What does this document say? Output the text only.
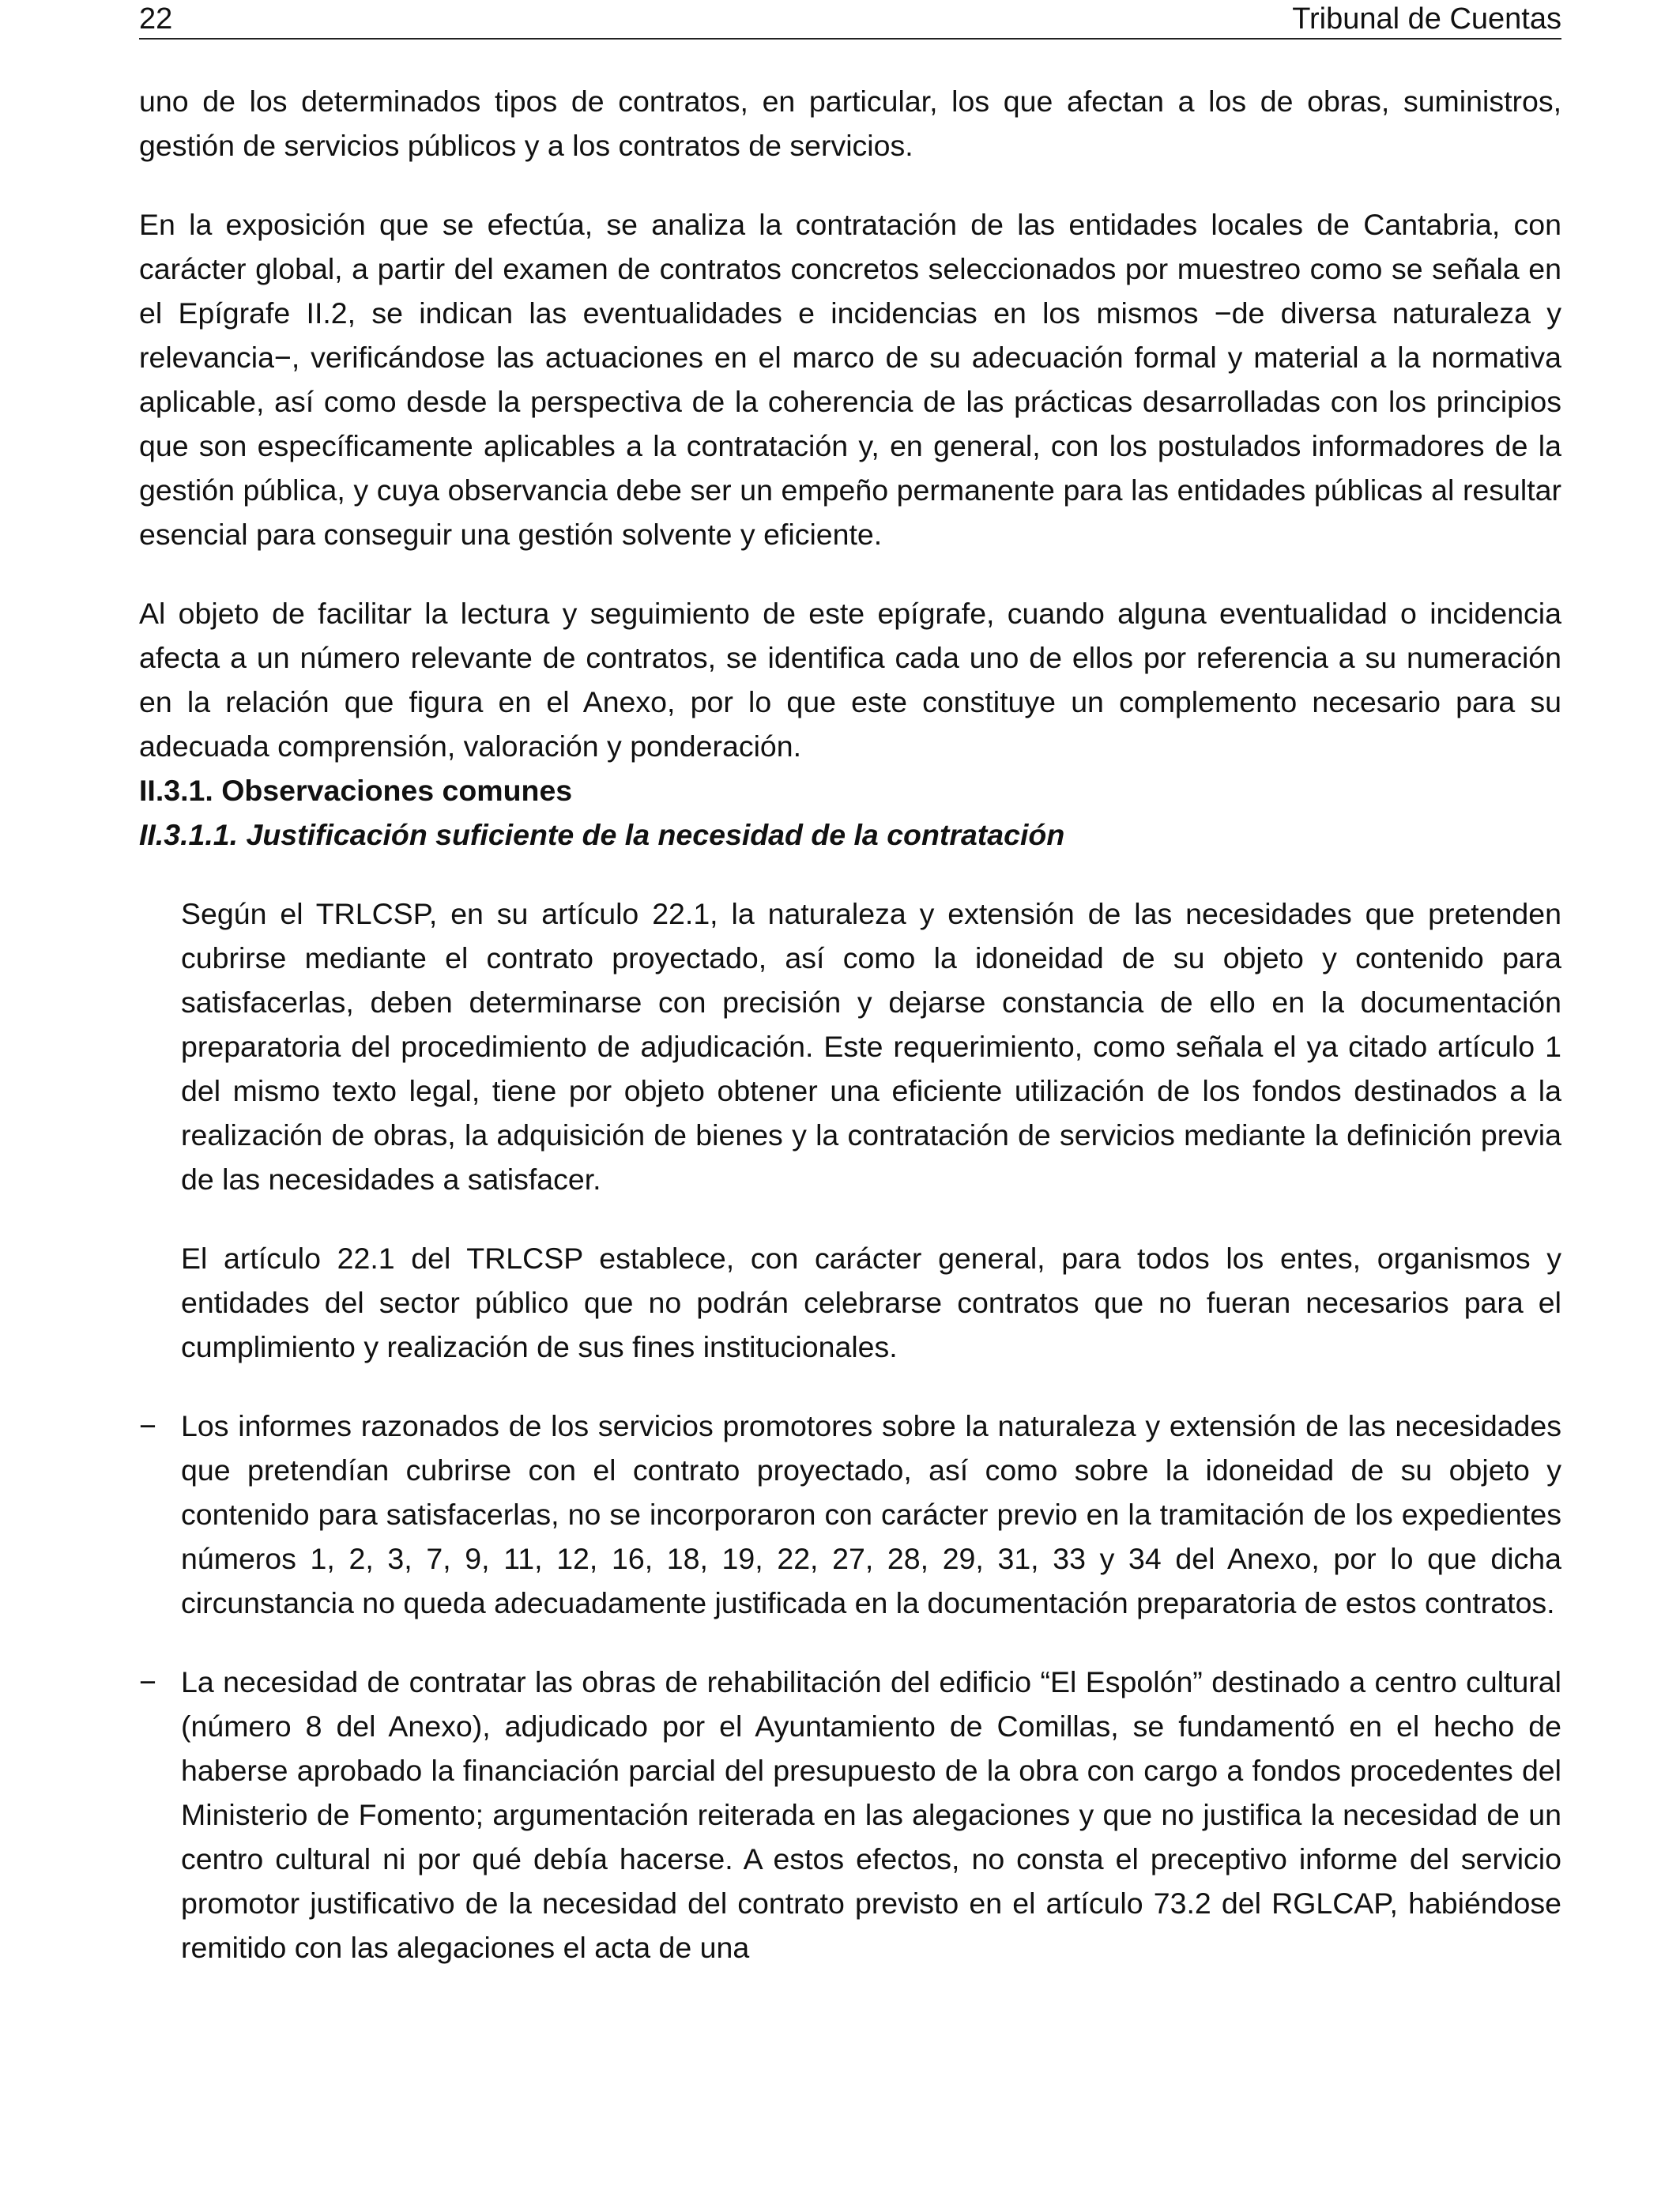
22	Tribunal de Cuentas

uno de los determinados tipos de contratos, en particular, los que afectan a los de obras, suministros, gestión de servicios públicos y a los contratos de servicios.

En la exposición que se efectúa, se analiza la contratación de las entidades locales de Cantabria, con carácter global, a partir del examen de contratos concretos seleccionados por muestreo como se señala en el Epígrafe II.2, se indican las eventualidades e incidencias en los mismos −de diversa naturaleza y relevancia−, verificándose las actuaciones en el marco de su adecuación formal y material a la normativa aplicable, así como desde la perspectiva de la coherencia de las prácticas desarrolladas con los principios que son específicamente aplicables a la contratación y, en general, con los postulados informadores de la gestión pública, y cuya observancia debe ser un empeño permanente para las entidades públicas al resultar esencial para conseguir una gestión solvente y eficiente.

Al objeto de facilitar la lectura y seguimiento de este epígrafe, cuando alguna eventualidad o incidencia afecta a un número relevante de contratos, se identifica cada uno de ellos por referencia a su numeración en la relación que figura en el Anexo, por lo que este constituye un complemento necesario para su adecuada comprensión, valoración y ponderación.

II.3.1. Observaciones comunes
II.3.1.1. Justificación suficiente de la necesidad de la contratación

Según el TRLCSP, en su artículo 22.1, la naturaleza y extensión de las necesidades que pretenden cubrirse mediante el contrato proyectado, así como la idoneidad de su objeto y contenido para satisfacerlas, deben determinarse con precisión y dejarse constancia de ello en la documentación preparatoria del procedimiento de adjudicación. Este requerimiento, como señala el ya citado artículo 1 del mismo texto legal, tiene por objeto obtener una eficiente utilización de los fondos destinados a la realización de obras, la adquisición de bienes y la contratación de servicios mediante la definición previa de las necesidades a satisfacer.

El artículo 22.1 del TRLCSP establece, con carácter general, para todos los entes, organismos y entidades del sector público que no podrán celebrarse contratos que no fueran necesarios para el cumplimiento y realización de sus fines institucionales.

− Los informes razonados de los servicios promotores sobre la naturaleza y extensión de las necesidades que pretendían cubrirse con el contrato proyectado, así como sobre la idoneidad de su objeto y contenido para satisfacerlas, no se incorporaron con carácter previo en la tramitación de los expedientes números 1, 2, 3, 7, 9, 11, 12, 16, 18, 19, 22, 27, 28, 29, 31, 33 y 34 del Anexo, por lo que dicha circunstancia no queda adecuadamente justificada en la documentación preparatoria de estos contratos.

− La necesidad de contratar las obras de rehabilitación del edificio “El Espolón” destinado a centro cultural (número 8 del Anexo), adjudicado por el Ayuntamiento de Comillas, se fundamentó en el hecho de haberse aprobado la financiación parcial del presupuesto de la obra con cargo a fondos procedentes del Ministerio de Fomento; argumentación reiterada en las alegaciones y que no justifica la necesidad de un centro cultural ni por qué debía hacerse. A estos efectos, no consta el preceptivo informe del servicio promotor justificativo de la necesidad del contrato previsto en el artículo 73.2 del RGLCAP, habiéndose remitido con las alegaciones el acta de una
